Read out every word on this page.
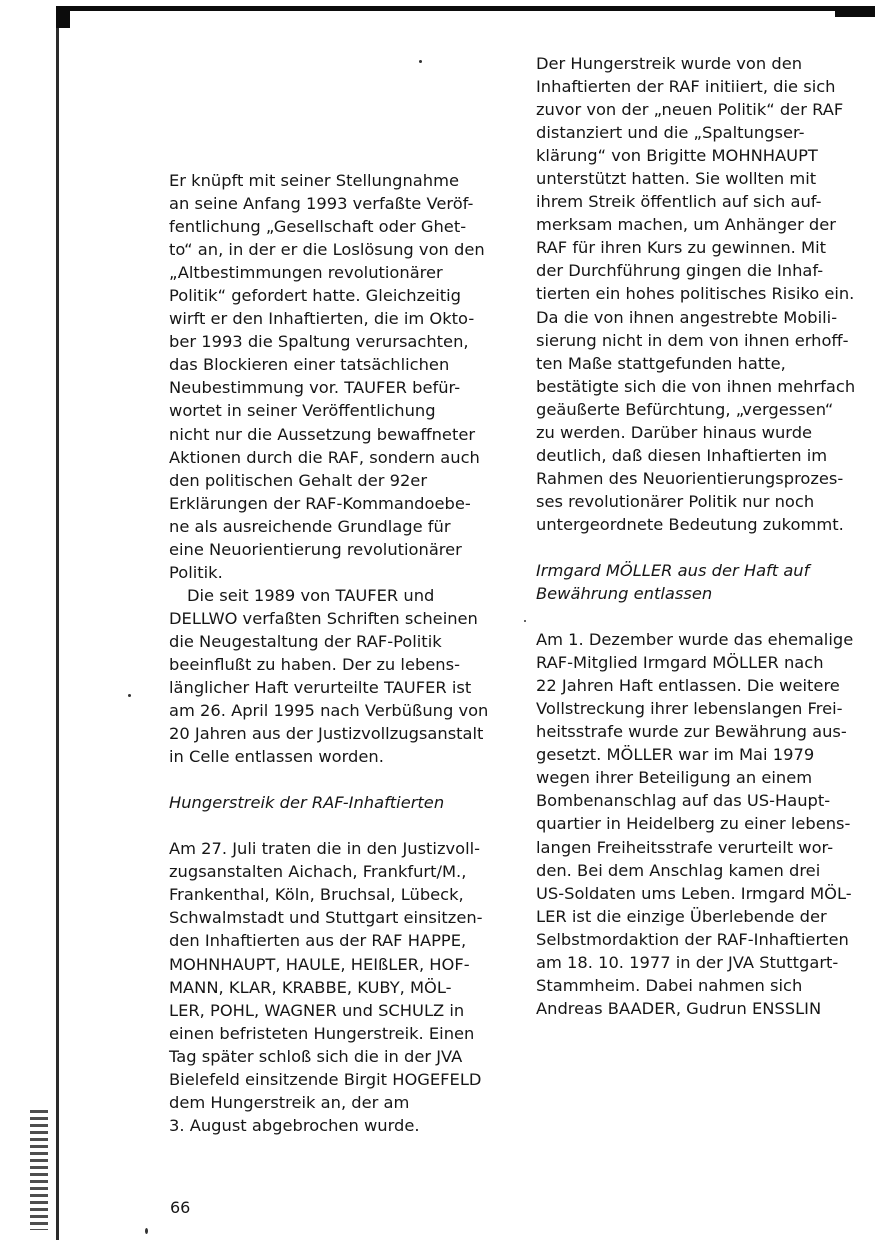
Er knüpft mit seiner Stellungnahme
an seine Anfang 1993 verfaßte Veröf-
fentlichung „Gesellschaft oder Ghet-
to“ an, in der er die Loslösung von den
„Altbestimmungen revolutionärer
Politik“ gefordert hatte. Gleichzeitig
wirft er den Inhaftierten, die im Okto-
ber 1993 die Spaltung verursachten,
das Blockieren einer tatsächlichen
Neubestimmung vor. TAUFER befür-
wortet in seiner Veröffentlichung
nicht nur die Aussetzung bewaffneter
Aktionen durch die RAF, sondern auch
den politischen Gehalt der 92er
Erklärungen der RAF-Kommandoebe-
ne als ausreichende Grundlage für
eine Neuorientierung revolutionärer
Politik.

Die seit 1989 von TAUFER und
DELLWO verfaßten Schriften scheinen
die Neugestaltung der RAF-Politik
beeinflußt zu haben. Der zu lebens-
länglicher Haft verurteilte TAUFER ist
am 26. April 1995 nach Verbüßung von
20 Jahren aus der Justizvollzugsanstalt
in Celle entlassen worden.

Hungerstreik der RAF-Inhaftierten

Am 27. Juli traten die in den Justizvoll-
zugsanstalten Aichach, Frankfurt/M.,
Frankenthal, Köln, Bruchsal, Lübeck,
Schwalmstadt und Stuttgart einsitzen-
den Inhaftierten aus der RAF HAPPE,
MOHNHAUPT, HAULE, HEIßLER, HOF-
MANN, KLAR, KRABBE, KUBY, MÖL-
LER, POHL, WAGNER und SCHULZ in
einen befristeten Hungerstreik. Einen
Tag später schloß sich die in der JVA
Bielefeld einsitzende Birgit HOGEFELD
dem Hungerstreik an, der am
3. August abgebrochen wurde.

Der Hungerstreik wurde von den
Inhaftierten der RAF initiiert, die sich
zuvor von der „neuen Politik“ der RAF
distanziert und die „Spaltungser-
klärung“ von Brigitte MOHNHAUPT
unterstützt hatten. Sie wollten mit
ihrem Streik öffentlich auf sich auf-
merksam machen, um Anhänger der
RAF für ihren Kurs zu gewinnen. Mit
der Durchführung gingen die Inhaf-
tierten ein hohes politisches Risiko ein.
Da die von ihnen angestrebte Mobili-
sierung nicht in dem von ihnen erhoff-
ten Maße stattgefunden hatte,
bestätigte sich die von ihnen mehrfach
geäußerte Befürchtung, „vergessen“
zu werden. Darüber hinaus wurde
deutlich, daß diesen Inhaftierten im
Rahmen des Neuorientierungsprozes-
ses revolutionärer Politik nur noch
untergeordnete Bedeutung zukommt.

Irmgard MÖLLER aus der Haft auf
Bewährung entlassen

Am 1. Dezember wurde das ehemalige
RAF-Mitglied Irmgard MÖLLER nach
22 Jahren Haft entlassen. Die weitere
Vollstreckung ihrer lebenslangen Frei-
heitsstrafe wurde zur Bewährung aus-
gesetzt. MÖLLER war im Mai 1979
wegen ihrer Beteiligung an einem
Bombenanschlag auf das US-Haupt-
quartier in Heidelberg zu einer lebens-
langen Freiheitsstrafe verurteilt wor-
den. Bei dem Anschlag kamen drei
US-Soldaten ums Leben. Irmgard MÖL-
LER ist die einzige Überlebende der
Selbstmordaktion der RAF-Inhaftierten
am 18. 10. 1977 in der JVA Stuttgart-
Stammheim. Dabei nahmen sich
Andreas BAADER, Gudrun ENSSLIN

66
